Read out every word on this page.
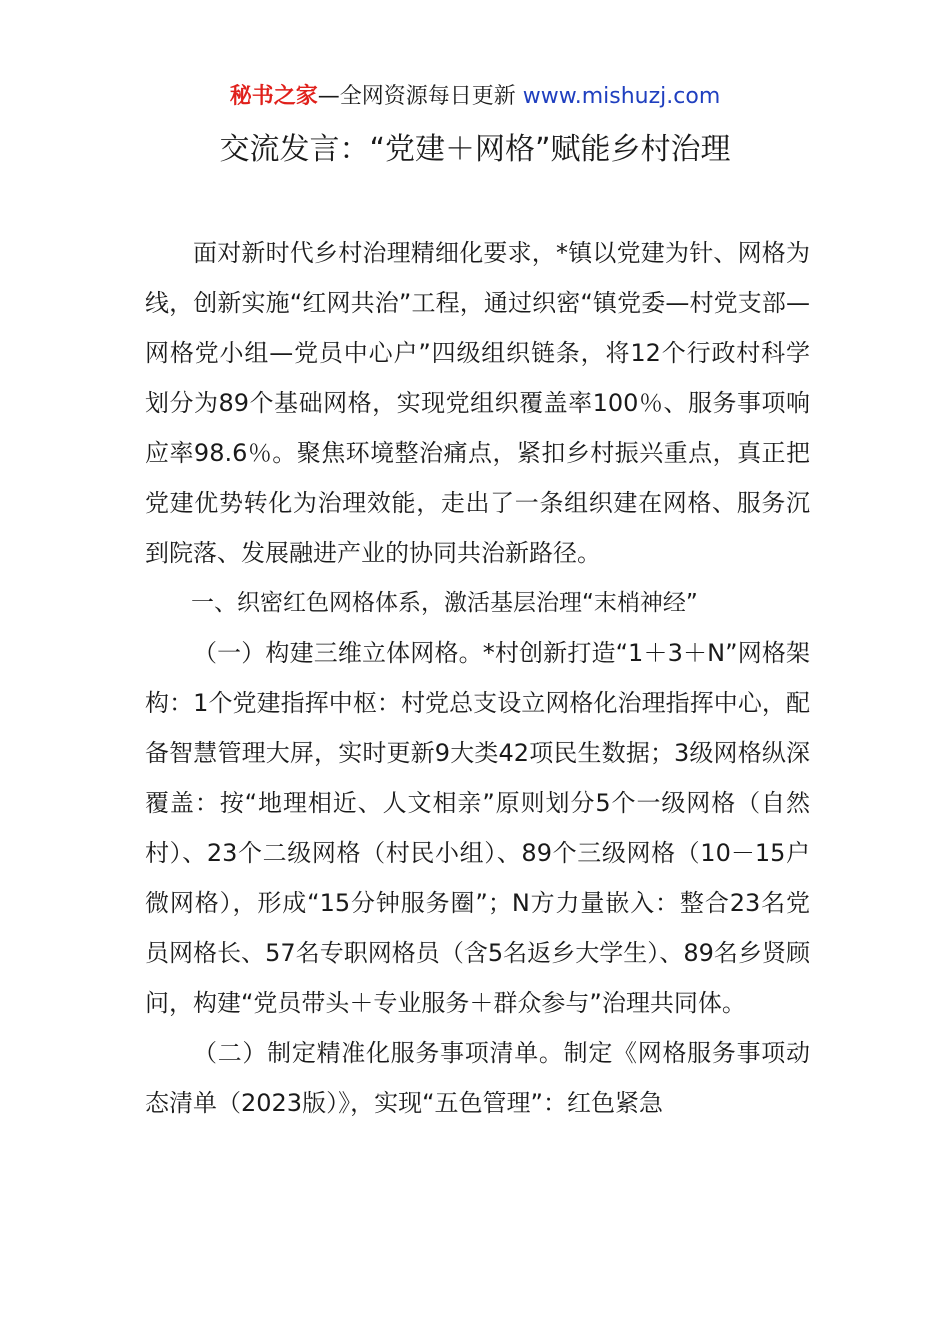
秘书之家—全网资源每日更新 www.mishuzj.com
交流发言：“党建＋网格”赋能乡村治理

面对新时代乡村治理精细化要求，*镇以党建为针、网格为线，创新实施“红网共治”工程，通过织密“镇党委—村党支部—网格党小组—党员中心户”四级组织链条，将12个行政村科学划分为89个基础网格，实现党组织覆盖率100％、服务事项响应率98.6％。聚焦环境整治痛点，紧扣乡村振兴重点，真正把党建优势转化为治理效能，走出了一条组织建在网格、服务沉到院落、发展融进产业的协同共治新路径。

一、织密红色网格体系，激活基层治理“末梢神经”

（一）构建三维立体网格。*村创新打造“1＋3＋N”网格架构：1个党建指挥中枢：村党总支设立网格化治理指挥中心，配备智慧管理大屏，实时更新9大类42项民生数据；3级网格纵深覆盖：按“地理相近、人文相亲”原则划分5个一级网格（自然村）、23个二级网格（村民小组）、89个三级网格（10－15户微网格），形成“15分钟服务圈”；N方力量嵌入：整合23名党员网格长、57名专职网格员（含5名返乡大学生）、89名乡贤顾问，构建“党员带头＋专业服务＋群众参与”治理共同体。

（二）制定精准化服务事项清单。制定《网格服务事项动态清单（2023版）》，实现“五色管理”：红色紧急
